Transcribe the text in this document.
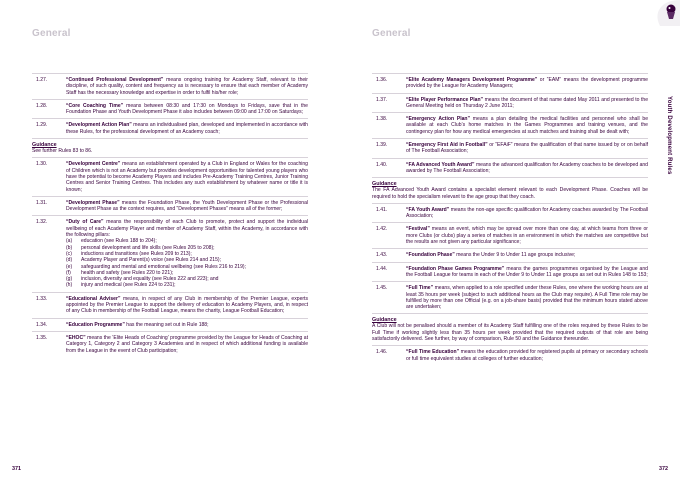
General
1.27.	“Continued Professional Development” means ongoing training for Academy Staff, relevant to their discipline, of such quality, content and frequency as is necessary to ensure that each member of Academy Staff has the necessary knowledge and expertise in order to fulfil his/her role;
1.28.	“Core Coaching Time” means between 08:30 and 17:30 on Mondays to Fridays, save that in the Foundation Phase and Youth Development Phase it also includes between 09:00 and 17:00 on Saturdays;
1.29.	“Development Action Plan” means an individualised plan, developed and implemented in accordance with these Rules, for the professional development of an Academy coach;
Guidance
See further Rules 83 to 86.
1.30.	“Development Centre” means an establishment operated by a Club in England or Wales for the coaching of Children which is not an Academy but provides development opportunities for talented young players who have the potential to become Academy Players and includes Pre-Academy Training Centres, Junior Training Centres and Senior Training Centres. This includes any such establishment by whatever name or title it is known;
1.31.	“Development Phase” means the Foundation Phase, the Youth Development Phase or the Professional Development Phase as the context requires, and “Development Phases” means all of the former;
1.32.	“Duty of Care” means the responsibility of each Club to promote, protect and support the individual wellbeing of each Academy Player and member of Academy Staff, within the Academy, in accordance with the following pillars:
(a)	education (see Rules 188 to 204);
(b)	personal development and life skills (see Rules 205 to 208);
(c)	inductions and transitions (see Rules 209 to 213);
(d)	Academy Player and Parent(s) voice (see Rules 214 and 215);
(e)	safeguarding and mental and emotional wellbeing (see Rules 216 to 219);
(f)	health and safety (see Rules 220 to 221);
(g)	inclusion, diversity and equality (see Rules 222 and 223); and
(h)	injury and medical (see Rules 224 to 231);
1.33.	“Educational Adviser” means, in respect of any Club in membership of the Premier League, experts appointed by the Premier League to support the delivery of education to Academy Players, and, in respect of any Club in membership of the Football League, means the charity, League Football Education;
1.34.	“Education Programme” has the meaning set out in Rule 188;
1.35.	“EHOC” means the ‘Elite Heads of Coaching’ programme provided by the League for Heads of Coaching at Category 1, Category 2 and Category 3 Academies and in respect of which additional funding is available from the League in the event of Club participation;
371
General
Youth Development Rules
1.36.	“Elite Academy Managers Development Programme” or “EAM” means the development programme provided by the League for Academy Managers;
1.37.	“Elite Player Performance Plan” means the document of that name dated May 2011 and presented to the General Meeting held on Thursday 2 June 2011;
1.38.	“Emergency Action Plan” means a plan detailing the medical facilities and personnel who shall be available at each Club’s home matches in the Games Programmes and training venues, and the contingency plan for how any medical emergencies at such matches and training shall be dealt with;
1.39.	“Emergency First Aid in Football” or “EFAiF” means the qualification of that name issued by or on behalf of The Football Association;
1.40.	“FA Advanced Youth Award” means the advanced qualification for Academy coaches to be developed and awarded by The Football Association;
Guidance
The FA Advanced Youth Award contains a specialist element relevant to each Development Phase. Coaches will be required to hold the specialism relevant to the age group that they coach.
1.41.	“FA Youth Award” means the non-age specific qualification for Academy coaches awarded by The Football Association;
1.42.	“Festival” means an event, which may be spread over more than one day, at which teams from three or more Clubs (or clubs) play a series of matches in an environment in which the matches are competitive but the results are not given any particular significance;
1.43.	“Foundation Phase” means the Under 9 to Under 11 age groups inclusive;
1.44.	“Foundation Phase Games Programme” means the games programmes organised by the League and the Football League for teams in each of the Under 9 to Under 11 age groups as set out in Rules 148 to 153;
1.45.	“Full Time” means, when applied to a role specified under these Rules, one where the working hours are at least 35 hours per week (subject to such additional hours as the Club may require). A Full Time role may be fulfilled by more than one Official (e.g. on a job-share basis) provided that the minimum hours stated above are undertaken;
Guidance
A Club will not be penalised should a member of its Academy Staff fulfilling one of the roles required by these Rules to be Full Time if working slightly less than 35 hours per week provided that the required outputs of that role are being satisfactorily delivered. See further, by way of comparison, Rule 50 and the Guidance thereunder.
1.46.	“Full Time Education” means the education provided for registered pupils at primary or secondary schools or full time equivalent studies at colleges of further education;
372
